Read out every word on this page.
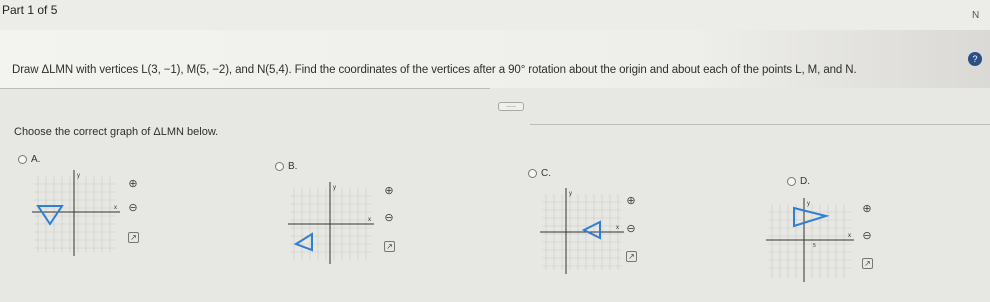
Part 1 of 5	N
?
Draw ΔLMN with vertices L(3, −1), M(5, −2), and N(5,4). Find the coordinates of the vertices after a 90° rotation about the origin and about each of the points L, M, and N.
.....
Choose the correct graph of ΔLMN below.
A.
y
x
⊕
⊖
↗
B.
y
x
⊕
⊖
↗
C.
y
x
⊕
⊖
↗
D.
y
x
5
⊕
⊖
↗
